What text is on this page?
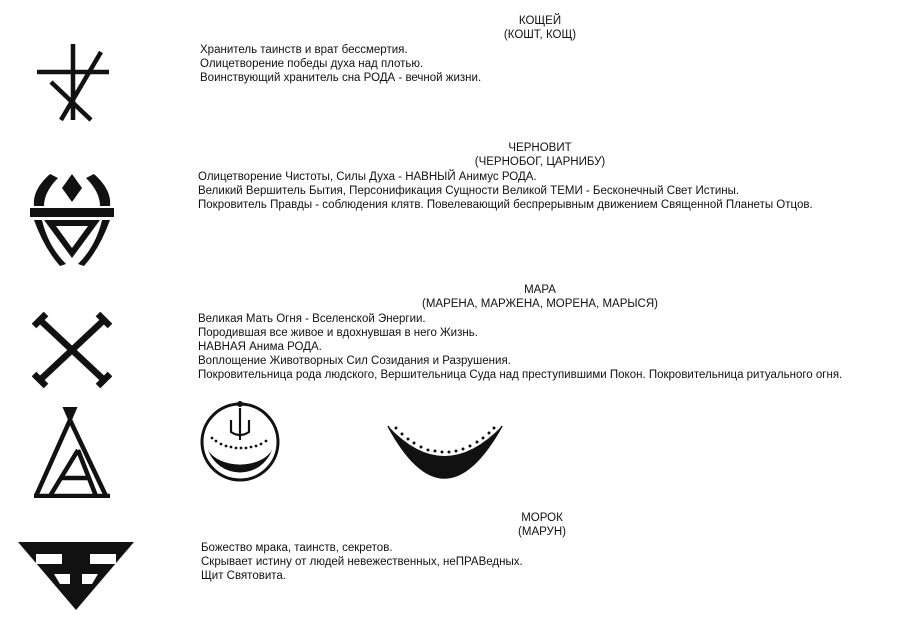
КОЩЕЙ
(КОШТ, КОЩ)
Хранитель таинств и врат бессмертия.
Олицетворение победы духа над плотью.
Воинствующий хранитель сна РОДА - вечной жизни.
ЧЕРНОВИТ
(ЧЕРНОБОГ, ЦАРНИБУ)
Олицетворение Чистоты, Силы Духа - НАВНЫЙ Анимус РОДА.
Великий Вершитель Бытия, Персонификация Сущности Великой ТЕМИ - Бесконечный Свет Истины.
Покровитель Правды - соблюдения клятв. Повелевающий беспрерывным движением Священной Планеты Отцов.
МАРА
(МАРЕНА, МАРЖЕНА, МОРЕНА, МАРЫСЯ)
Великая Мать Огня - Вселенской Энергии.
Породившая все живое и вдохнувшая в него Жизнь.
НАВНАЯ Анима РОДА.
Воплощение Животворных Сил Созидания и Разрушения.
Покровительница рода людского, Вершительница Суда над преступившими Покон. Покровительница ритуального огня.
МОРОК
(МАРУН)
Божество мрака, таинств, секретов.
Скрывает истину от людей невежественных, неПРАВедных.
Щит Святовита.
